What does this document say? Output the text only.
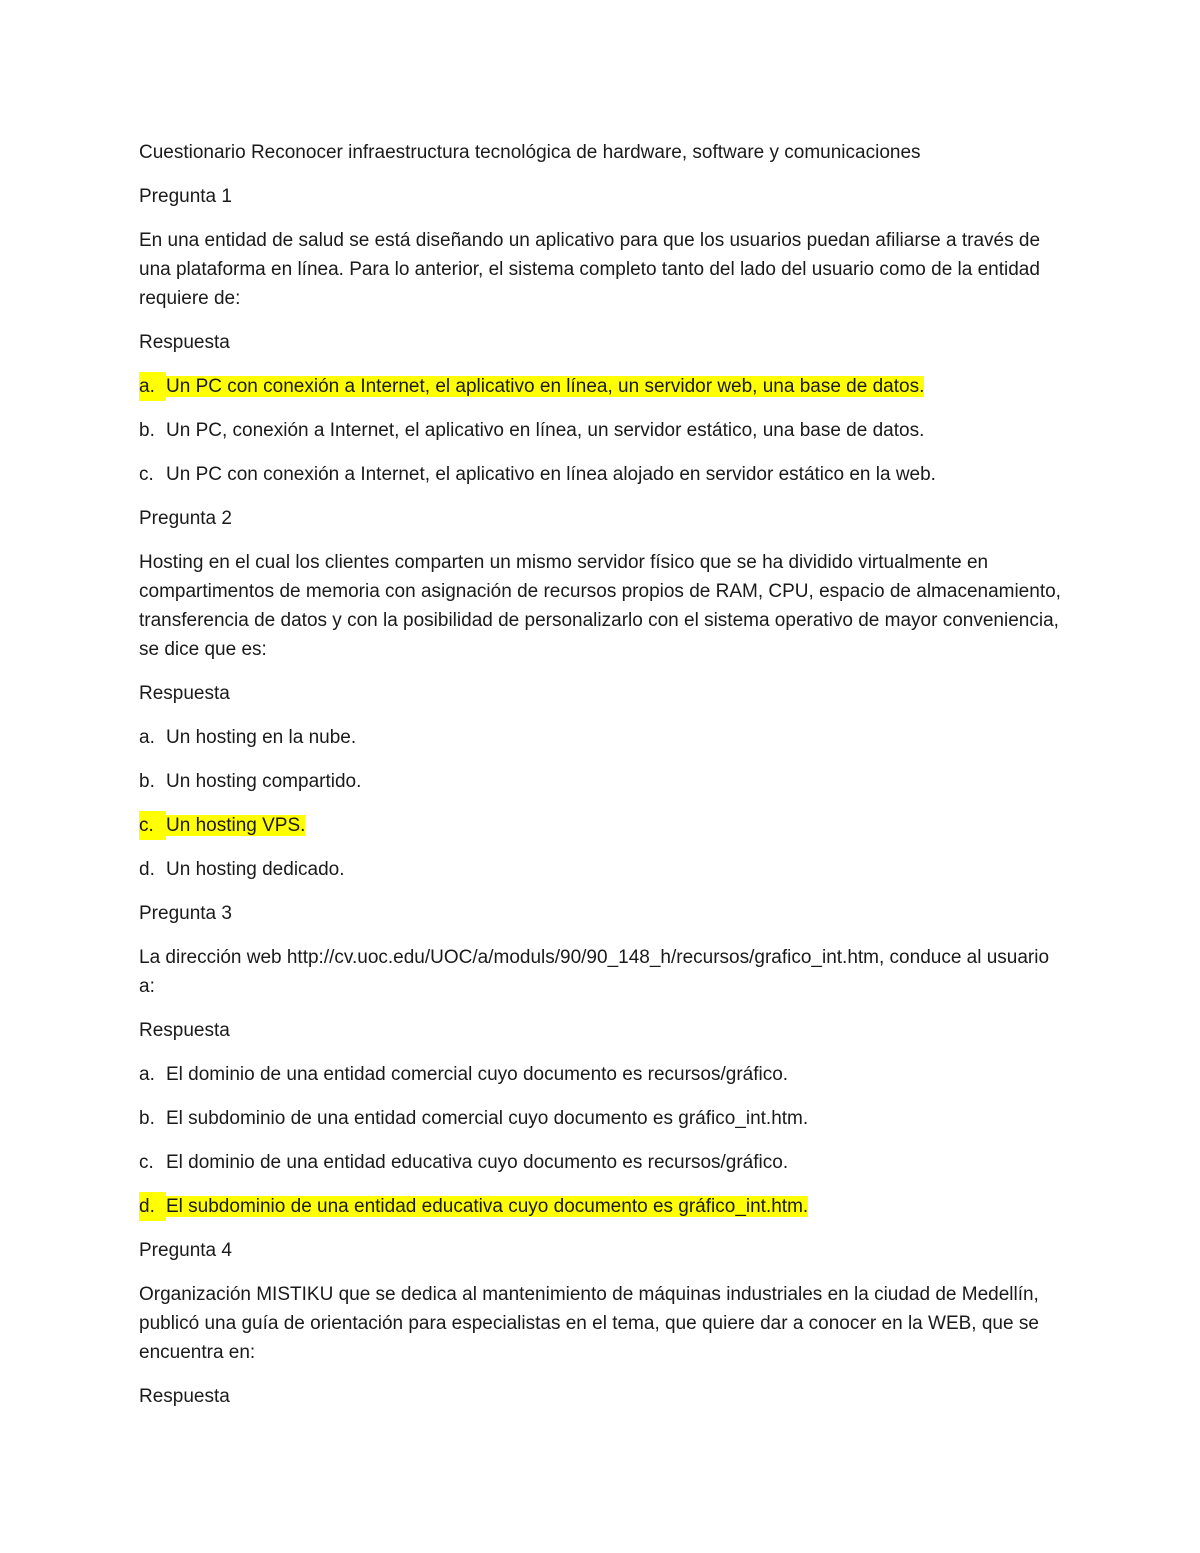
Cuestionario Reconocer infraestructura tecnológica de hardware, software y comunicaciones

Pregunta 1

En una entidad de salud se está diseñando un aplicativo para que los usuarios puedan afiliarse a través de una plataforma en línea. Para lo anterior, el sistema completo tanto del lado del usuario como de la entidad requiere de:

Respuesta

a. Un PC con conexión a Internet, el aplicativo en línea, un servidor web, una base de datos.

b. Un PC, conexión a Internet, el aplicativo en línea, un servidor estático, una base de datos.

c. Un PC con conexión a Internet, el aplicativo en línea alojado en servidor estático en la web.

Pregunta 2

Hosting en el cual los clientes comparten un mismo servidor físico que se ha dividido virtualmente en compartimentos de memoria con asignación de recursos propios de RAM, CPU, espacio de almacenamiento, transferencia de datos y con la posibilidad de personalizarlo con el sistema operativo de mayor conveniencia, se dice que es:

Respuesta

a. Un hosting en la nube.

b. Un hosting compartido.

c. Un hosting VPS.

d. Un hosting dedicado.

Pregunta 3

La dirección web http://cv.uoc.edu/UOC/a/moduls/90/90_148_h/recursos/grafico_int.htm, conduce al usuario a:

Respuesta

a. El dominio de una entidad comercial cuyo documento es recursos/gráfico.

b. El subdominio de una entidad comercial cuyo documento es gráfico_int.htm.

c. El dominio de una entidad educativa cuyo documento es recursos/gráfico.

d. El subdominio de una entidad educativa cuyo documento es gráfico_int.htm.

Pregunta 4

Organización MISTIKU que se dedica al mantenimiento de máquinas industriales en la ciudad de Medellín, publicó una guía de orientación para especialistas en el tema, que quiere dar a conocer en la WEB, que se encuentra en:

Respuesta
